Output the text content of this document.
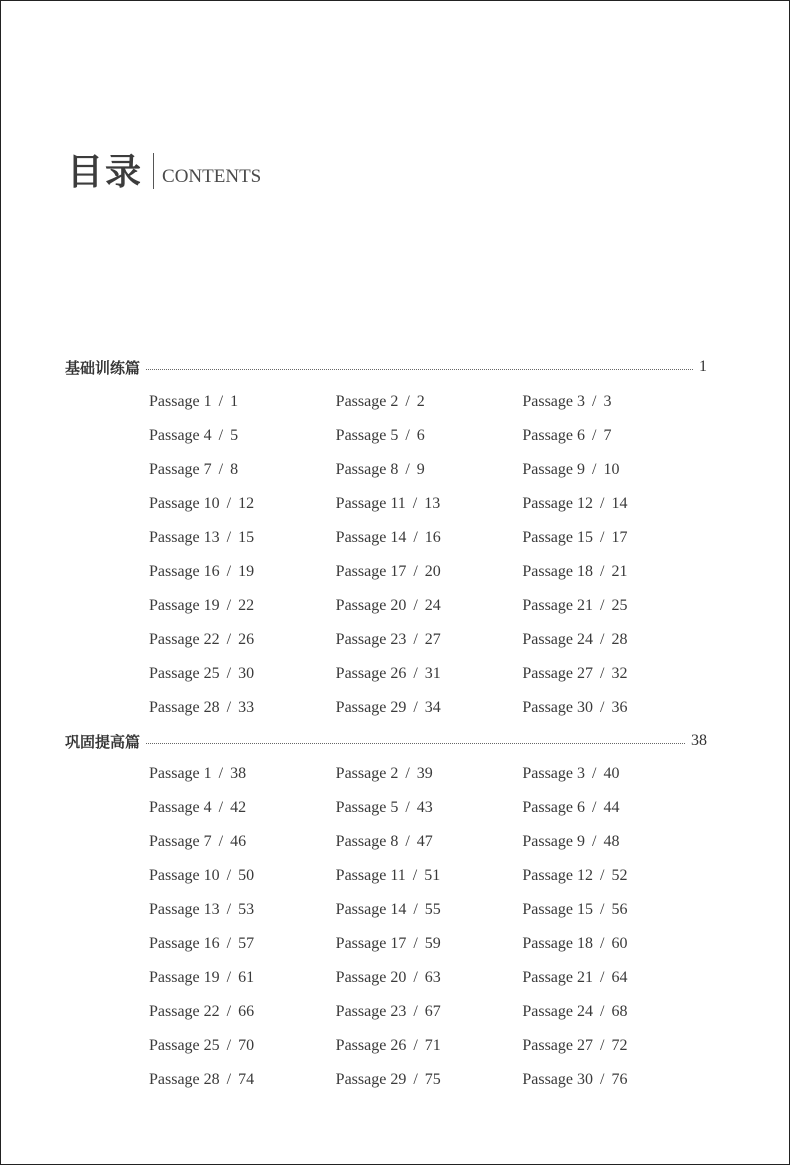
目录 CONTENTS
基础训练篇	1
Passage 1 / 1	Passage 2 / 2	Passage 3 / 3
Passage 4 / 5	Passage 5 / 6	Passage 6 / 7
Passage 7 / 8	Passage 8 / 9	Passage 9 / 10
Passage 10 / 12	Passage 11 / 13	Passage 12 / 14
Passage 13 / 15	Passage 14 / 16	Passage 15 / 17
Passage 16 / 19	Passage 17 / 20	Passage 18 / 21
Passage 19 / 22	Passage 20 / 24	Passage 21 / 25
Passage 22 / 26	Passage 23 / 27	Passage 24 / 28
Passage 25 / 30	Passage 26 / 31	Passage 27 / 32
Passage 28 / 33	Passage 29 / 34	Passage 30 / 36
巩固提高篇	38
Passage 1 / 38	Passage 2 / 39	Passage 3 / 40
Passage 4 / 42	Passage 5 / 43	Passage 6 / 44
Passage 7 / 46	Passage 8 / 47	Passage 9 / 48
Passage 10 / 50	Passage 11 / 51	Passage 12 / 52
Passage 13 / 53	Passage 14 / 55	Passage 15 / 56
Passage 16 / 57	Passage 17 / 59	Passage 18 / 60
Passage 19 / 61	Passage 20 / 63	Passage 21 / 64
Passage 22 / 66	Passage 23 / 67	Passage 24 / 68
Passage 25 / 70	Passage 26 / 71	Passage 27 / 72
Passage 28 / 74	Passage 29 / 75	Passage 30 / 76
